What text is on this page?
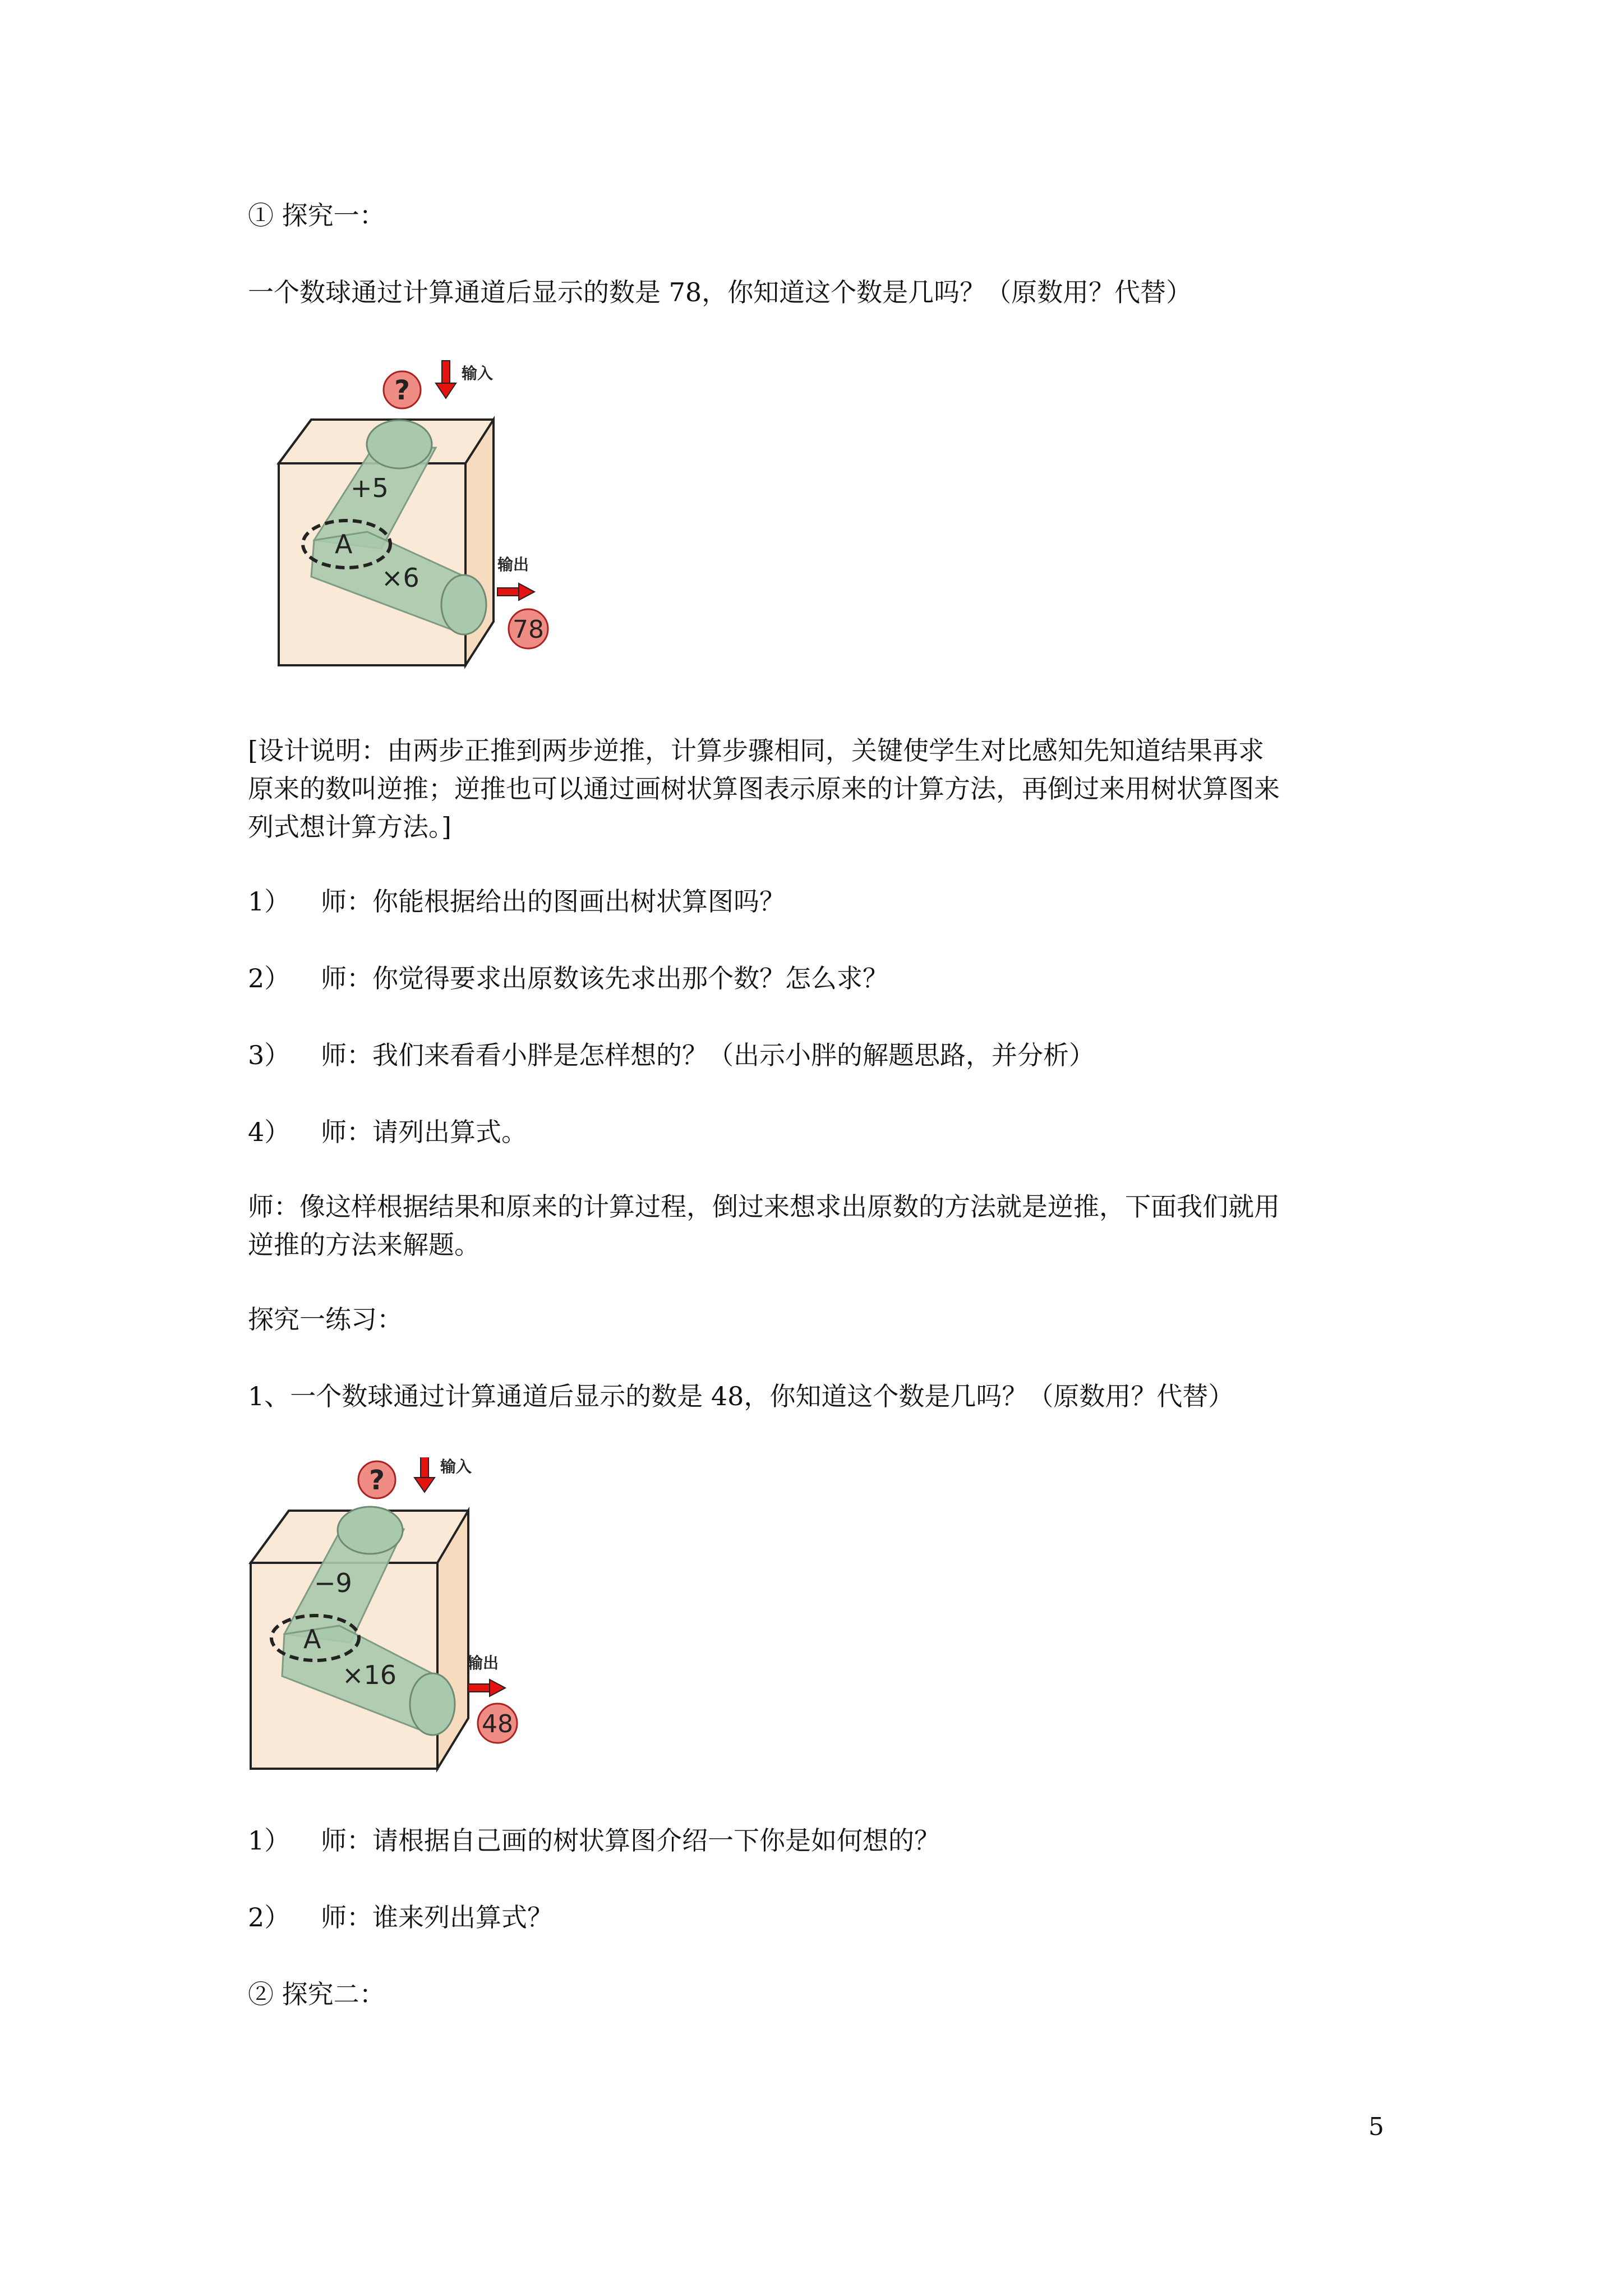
① 探究一：

一个数球通过计算通道后显示的数是 78，你知道这个数是几吗？（原数用？代替）

+5
A
×6
?
输入
输出
78

[设计说明：由两步正推到两步逆推，计算步骤相同，关键使学生对比感知先知道结果再求

原来的数叫逆推；逆推也可以通过画树状算图表示原来的计算方法，再倒过来用树状算图来

列式想计算方法。]

1） 师：你能根据给出的图画出树状算图吗？

2） 师：你觉得要求出原数该先求出那个数？怎么求？

3） 师：我们来看看小胖是怎样想的？（出示小胖的解题思路，并分析）

4） 师：请列出算式。

师：像这样根据结果和原来的计算过程，倒过来想求出原数的方法就是逆推，下面我们就用

逆推的方法来解题。

探究一练习：

1、一个数球通过计算通道后显示的数是 48，你知道这个数是几吗？（原数用？代替）

−9
A
×16
?	输入
输出
48

1） 师：请根据自己画的树状算图介绍一下你是如何想的？

2） 师：谁来列出算式？

② 探究二：

5
